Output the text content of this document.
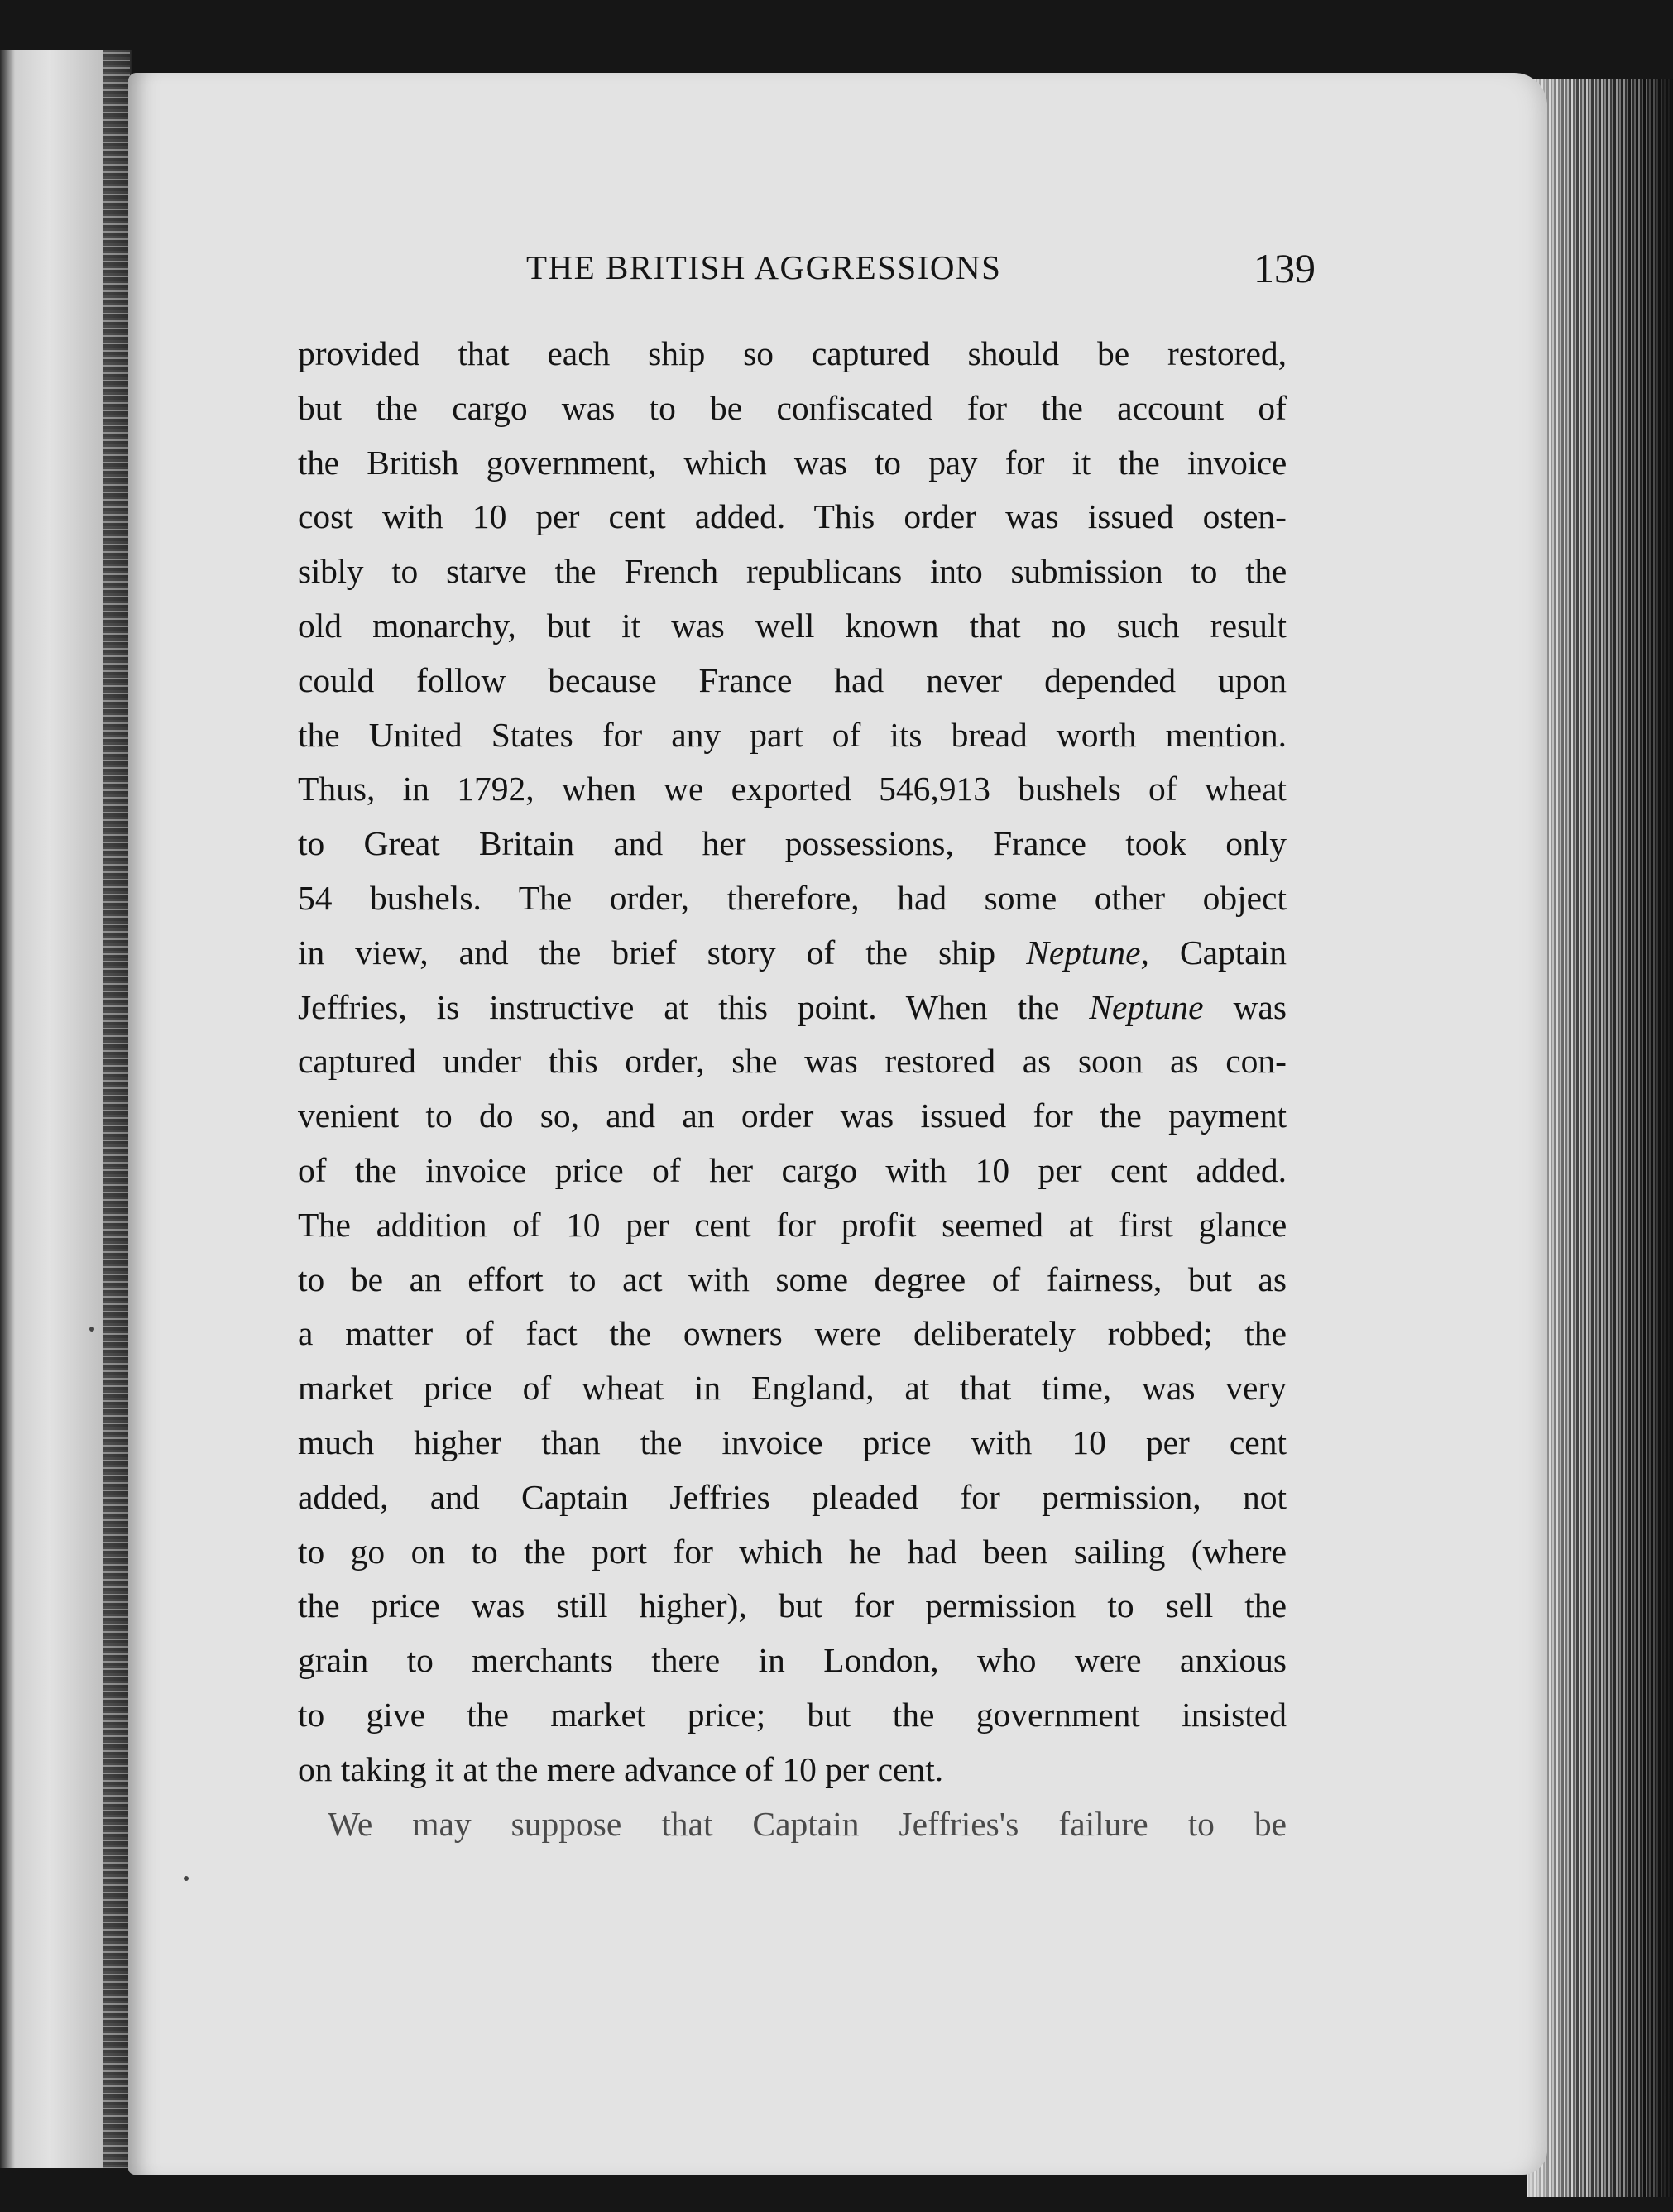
THE BRITISH AGGRESSIONS	139
provided that each ship so captured should be restored,
but the cargo was to be confiscated for the account of
the British government, which was to pay for it the invoice
cost with 10 per cent added. This order was issued osten-
sibly to starve the French republicans into submission to the
old monarchy, but it was well known that no such result
could follow because France had never depended upon
the United States for any part of its bread worth mention.
Thus, in 1792, when we exported 546,913 bushels of wheat
to Great Britain and her possessions, France took only
54 bushels. The order, therefore, had some other object
in view, and the brief story of the ship Neptune, Captain
Jeffries, is instructive at this point. When the Neptune was
captured under this order, she was restored as soon as con-
venient to do so, and an order was issued for the payment
of the invoice price of her cargo with 10 per cent added.
The addition of 10 per cent for profit seemed at first glance
to be an effort to act with some degree of fairness, but as
a matter of fact the owners were deliberately robbed; the
market price of wheat in England, at that time, was very
much higher than the invoice price with 10 per cent
added, and Captain Jeffries pleaded for permission, not
to go on to the port for which he had been sailing (where
the price was still higher), but for permission to sell the
grain to merchants there in London, who were anxious
to give the market price; but the government insisted
on taking it at the mere advance of 10 per cent.
We may suppose that Captain Jeffries's failure to be
